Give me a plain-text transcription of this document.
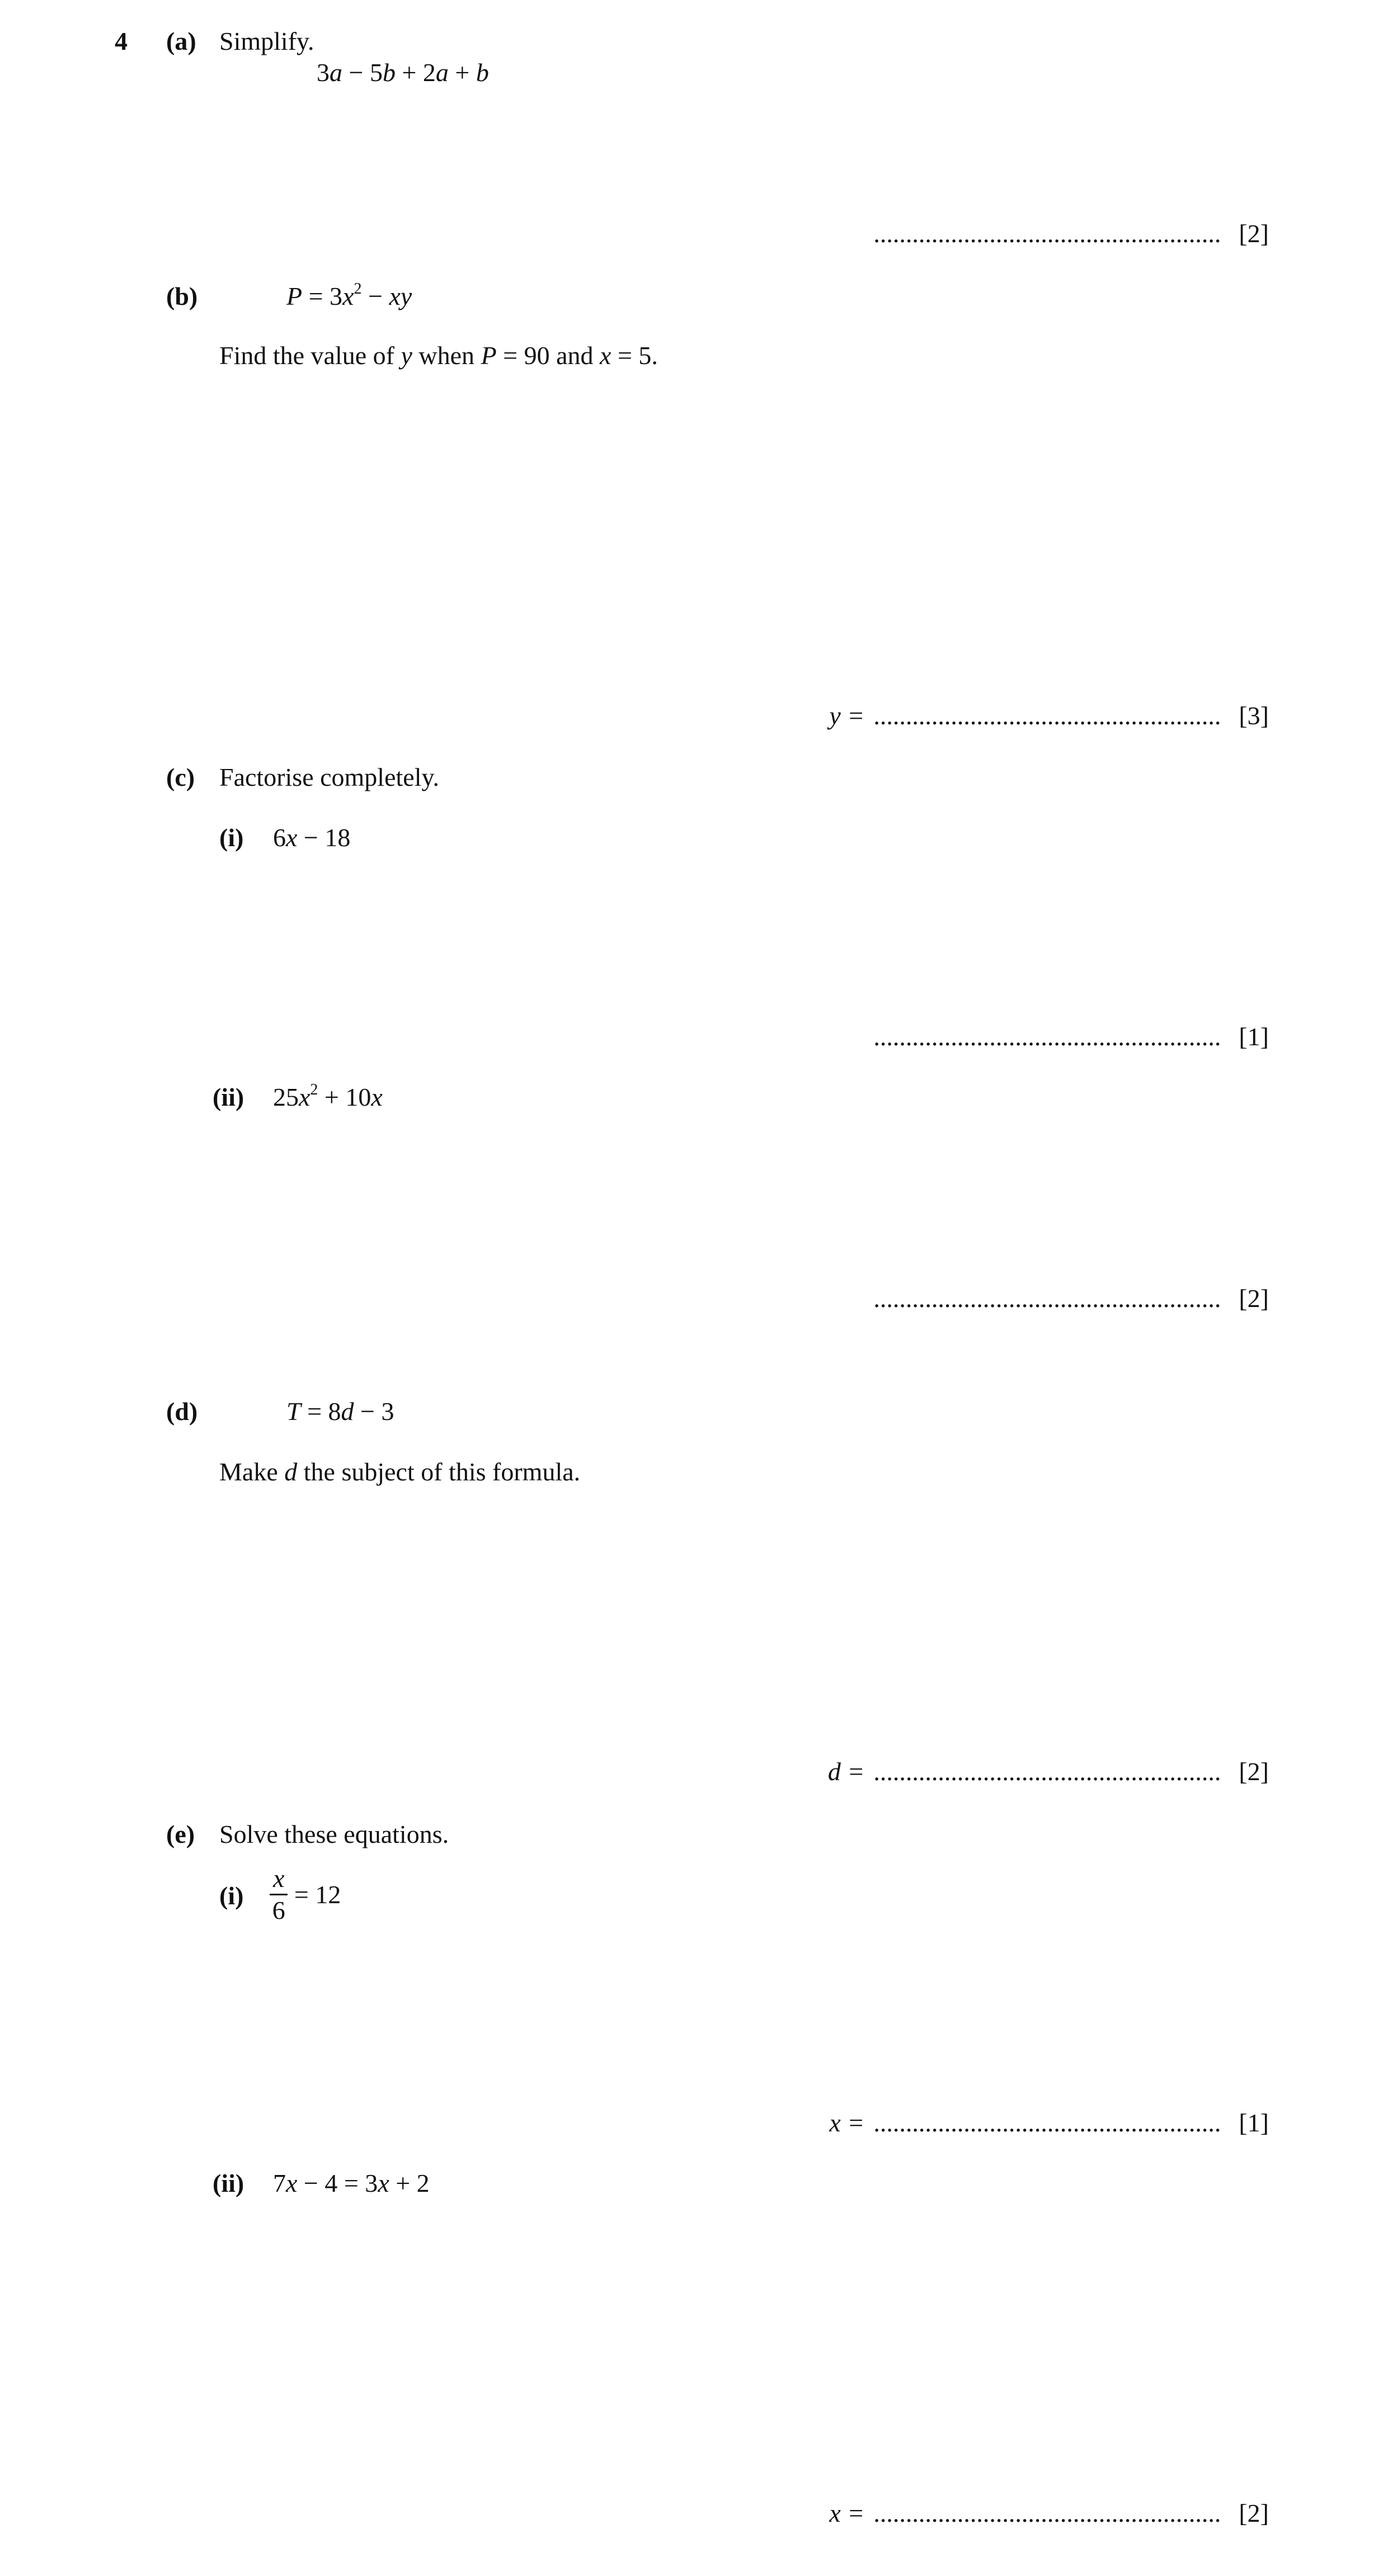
4 (a) Simplify.
3a − 5b + 2a + b
...................................................... [2]
(b)	$P = 3x^2$ − xy
Find the value of y when P = 90 and x = 5.
y = ...................................................... [3]
(c) Factorise completely.
(i) 6x − 18
...................................................... [1]
(ii) $25x^2 + 10x$
...................................................... [2]
(d)	T = 8d − 3
Make d the subject of this formula.
d = ...................................................... [2]
(e) Solve these equations.
$(i) \frac{x}{6} = 12$
x = ...................................................... [1]
(ii) 7x − 4 = 3x + 2
x = ...................................................... [2]
